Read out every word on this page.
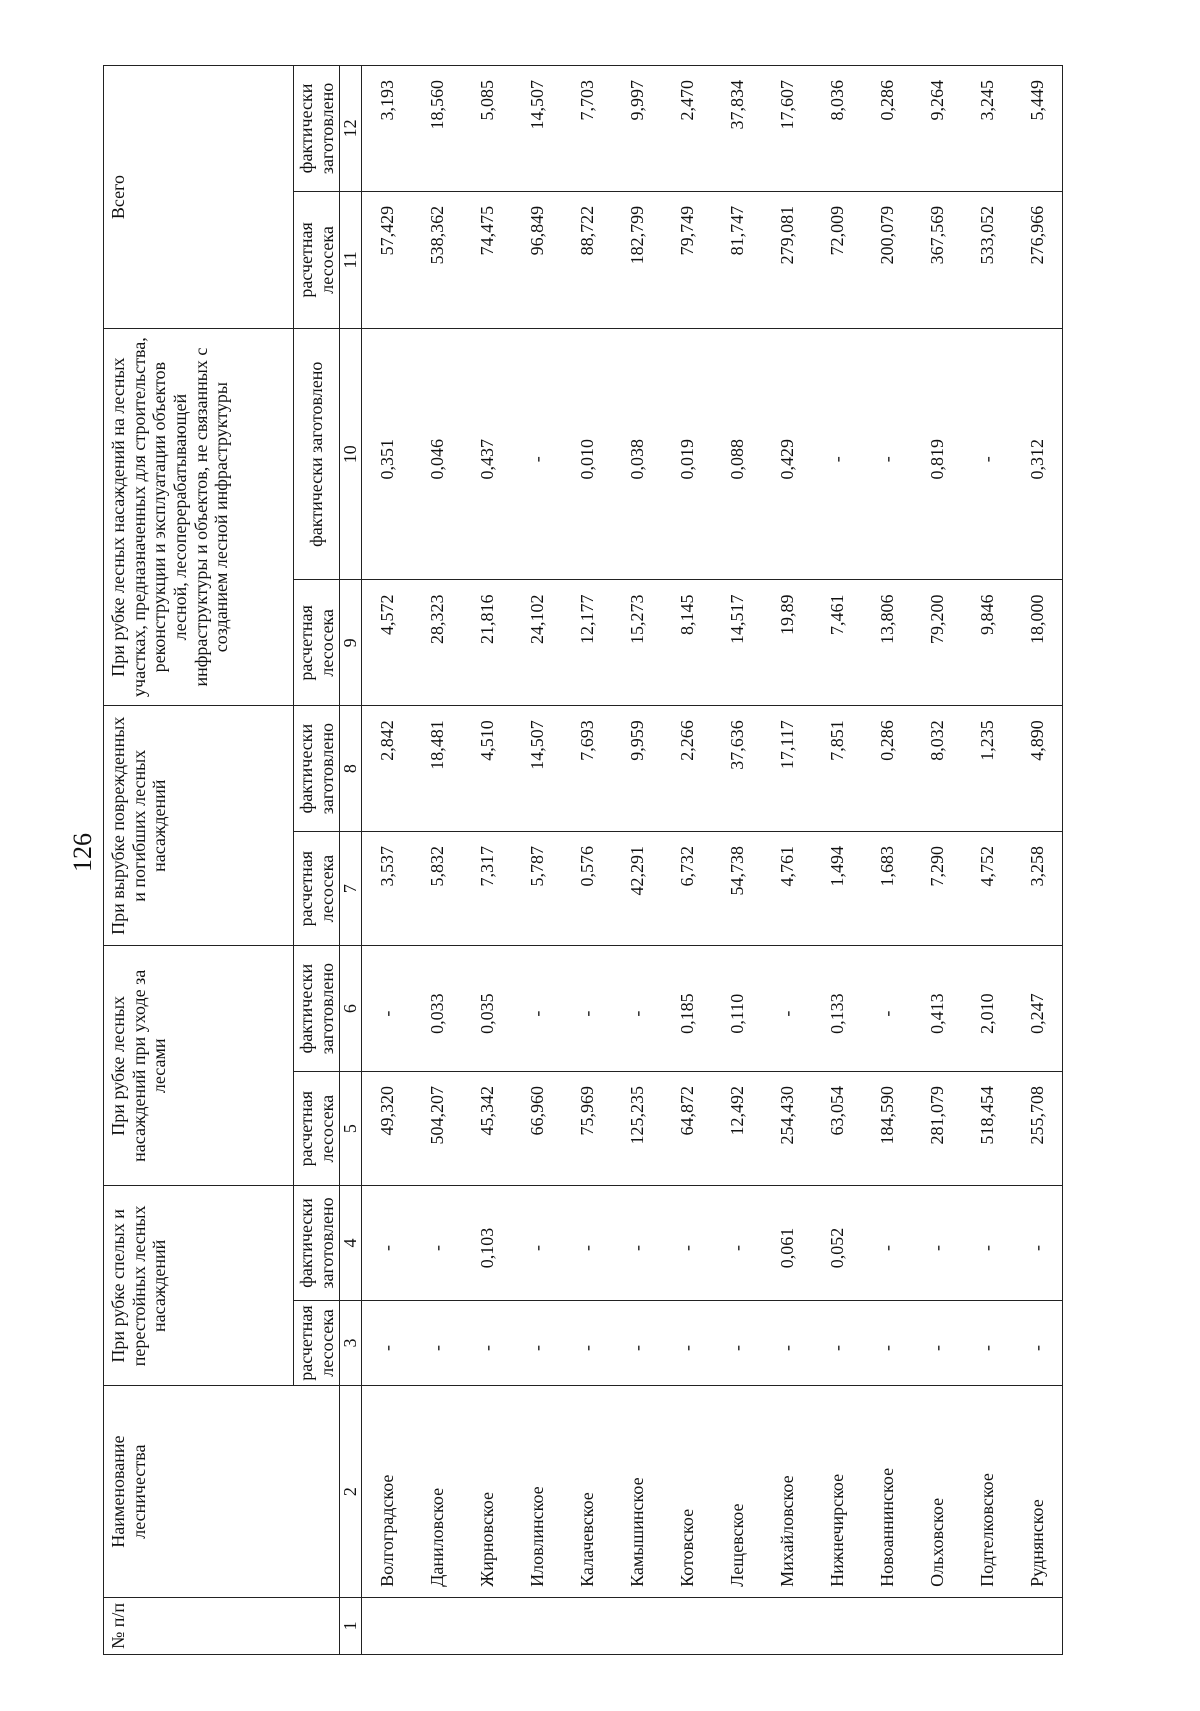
126
№ п/п	Наименование лесничества	При рубке спелых и перестойных лесных насаждений		При рубке лесных насаждений при уходе за лесами		При вырубке поврежденных и погибших лесных насаждений		При рубке лесных насаждений на лесных участках, предназначенных для строительства, реконструкции и эксплуатации объектов лесной, лесоперерабатывающей инфраструктуры и объектов, не связанных с созданием лесной инфраструктуры		Всего	
		расчетная лесосека	фактически заготовлено	расчетная лесосека	фактически заготовлено	расчетная лесосека	фактически заготовлено	расчетная лесосека	фактически заготовлено	расчетная лесосека	фактически заготовлено
1	2	3	4	5	6	7	8	9	10	11	12
	Волгоградское	-	-	49,320	-	3,537	2,842	4,572	0,351	57,429	3,193
	Даниловское	-	-	504,207	0,033	5,832	18,481	28,323	0,046	538,362	18,560
	Жирновское	-	0,103	45,342	0,035	7,317	4,510	21,816	0,437	74,475	5,085
	Иловлинское	-	-	66,960	-	5,787	14,507	24,102	-	96,849	14,507
	Калачевское	-	-	75,969	-	0,576	7,693	12,177	0,010	88,722	7,703
	Камышинское	-	-	125,235	-	42,291	9,959	15,273	0,038	182,799	9,997
	Котовское	-	-	64,872	0,185	6,732	2,266	8,145	0,019	79,749	2,470
	Лещевское	-	-	12,492	0,110	54,738	37,636	14,517	0,088	81,747	37,834
	Михайловское	-	0,061	254,430	-	4,761	17,117	19,89	0,429	279,081	17,607
	Нижнечирское	-	0,052	63,054	0,133	1,494	7,851	7,461	-	72,009	8,036
	Новоаннинское	-	-	184,590	-	1,683	0,286	13,806	-	200,079	0,286
	Ольховское	-	-	281,079	0,413	7,290	8,032	79,200	0,819	367,569	9,264
	Подтелковское	-	-	518,454	2,010	4,752	1,235	9,846	-	533,052	3,245
	Руднянское	-	-	255,708	0,247	3,258	4,890	18,000	0,312	276,966	5,449
